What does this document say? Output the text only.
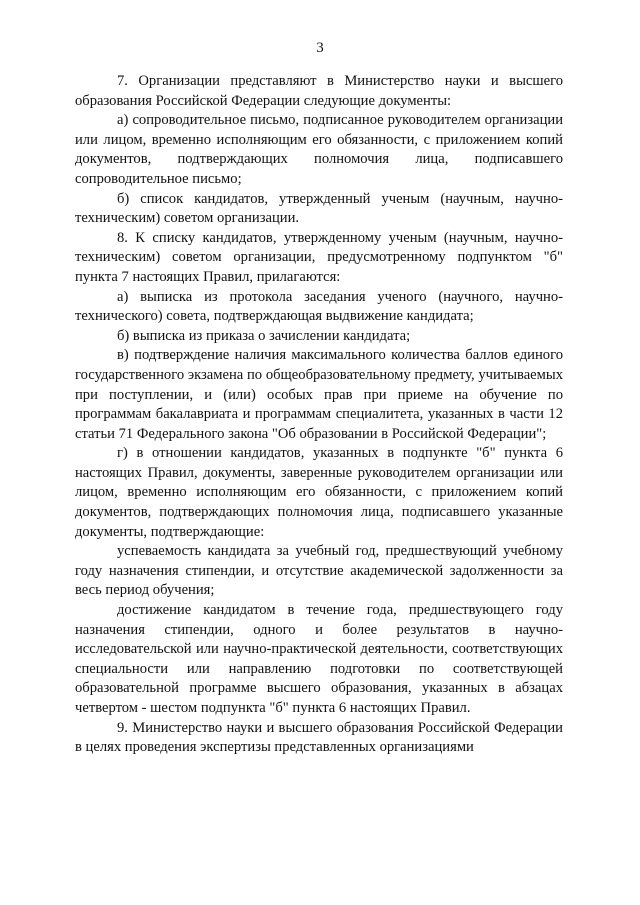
3

7. Организации представляют в Министерство науки и высшего образования Российской Федерации следующие документы:

а) сопроводительное письмо, подписанное руководителем организации или лицом, временно исполняющим его обязанности, с приложением копий документов, подтверждающих полномочия лица, подписавшего сопроводительное письмо;

б) список кандидатов, утвержденный ученым (научным, научно-техническим) советом организации.

8. К списку кандидатов, утвержденному ученым (научным, научно-техническим) советом организации, предусмотренному подпунктом "б" пункта 7 настоящих Правил, прилагаются:

а) выписка из протокола заседания ученого (научного, научно-технического) совета, подтверждающая выдвижение кандидата;

б) выписка из приказа о зачислении кандидата;

в) подтверждение наличия максимального количества баллов единого государственного экзамена по общеобразовательному предмету, учитываемых при поступлении, и (или) особых прав при приеме на обучение по программам бакалавриата и программам специалитета, указанных в части 12 статьи 71 Федерального закона "Об образовании в Российской Федерации";

г) в отношении кандидатов, указанных в подпункте "б" пункта 6 настоящих Правил, документы, заверенные руководителем организации или лицом, временно исполняющим его обязанности, с приложением копий документов, подтверждающих полномочия лица, подписавшего указанные документы, подтверждающие:

успеваемость кандидата за учебный год, предшествующий учебному году назначения стипендии, и отсутствие академической задолженности за весь период обучения;

достижение кандидатом в течение года, предшествующего году назначения стипендии, одного и более результатов в научно-исследовательской или научно-практической деятельности, соответствующих специальности или направлению подготовки по соответствующей образовательной программе высшего образования, указанных в абзацах четвертом - шестом подпункта "б" пункта 6 настоящих Правил.

9. Министерство науки и высшего образования Российской Федерации в целях проведения экспертизы представленных организациями
